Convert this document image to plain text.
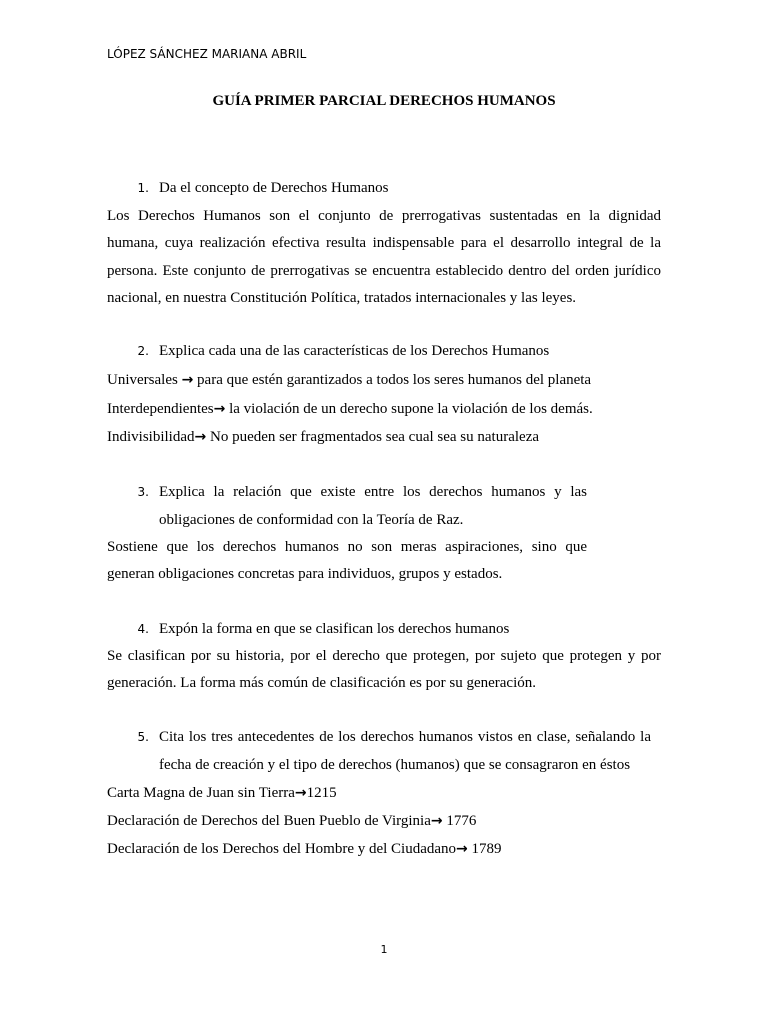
LÓPEZ SÁNCHEZ MARIANA ABRIL
GUÍA PRIMER PARCIAL DERECHOS HUMANOS
1. Da el concepto de Derechos Humanos
Los Derechos Humanos son el conjunto de prerrogativas sustentadas en la dignidad humana, cuya realización efectiva resulta indispensable para el desarrollo integral de la persona. Este conjunto de prerrogativas se encuentra establecido dentro del orden jurídico nacional, en nuestra Constitución Política, tratados internacionales y las leyes.
2. Explica cada una de las características de los Derechos Humanos
Universales → para que estén garantizados a todos los seres humanos del planeta
Interdependientes→ la violación de un derecho supone la violación de los demás.
Indivisibilidad→ No pueden ser fragmentados sea cual sea su naturaleza
3. Explica la relación que existe entre los derechos humanos y las obligaciones de conformidad con la Teoría de Raz.
Sostiene que los derechos humanos no son meras aspiraciones, sino que generan obligaciones concretas para individuos, grupos y estados.
4. Expón la forma en que se clasifican los derechos humanos
Se clasifican por su historia, por el derecho que protegen, por sujeto que protegen y por generación. La forma más común de clasificación es por su generación.
5. Cita los tres antecedentes de los derechos humanos vistos en clase, señalando la fecha de creación y el tipo de derechos (humanos) que se consagraron en éstos
Carta Magna de Juan sin Tierra→1215
Declaración de Derechos del Buen Pueblo de Virginia→ 1776
Declaración de los Derechos del Hombre y del Ciudadano→ 1789
1
